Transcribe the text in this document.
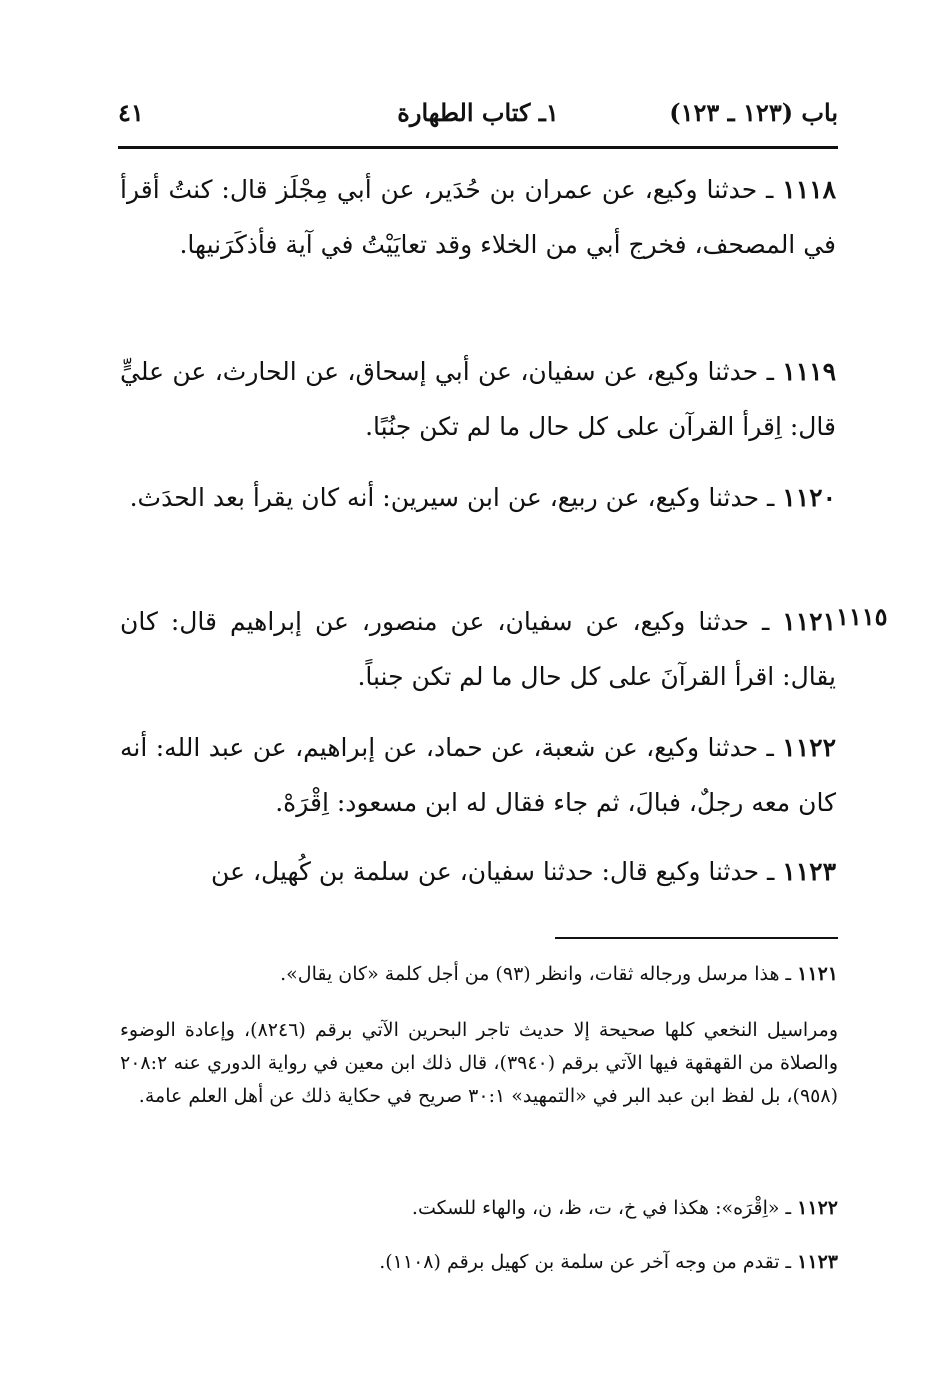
باب (١٢٣ ـ ١٢٣)
١ـ كتاب الطهارة
٤١

١١١٨ ـ حدثنا وكيع، عن عمران بن حُدَير، عن أبي مِجْلَز قال: كنتُ أقرأ في المصحف، فخرج أبي من الخلاء وقد تعايَيْتُ في آية فأذكَرَنيها.

١١١٩ ـ حدثنا وكيع، عن سفيان، عن أبي إسحاق، عن الحارث، عن عليٍّ قال: اِقرأ القرآن على كل حال ما لم تكن جنُبًا.

١١٢٠ ـ حدثنا وكيع، عن ربيع، عن ابن سيرين: أنه كان يقرأ بعد الحدَث.

١١١٥

١١٢١ ـ حدثنا وكيع، عن سفيان، عن منصور، عن إبراهيم قال: كان يقال: اقرأ القرآنَ على كل حال ما لم تكن جنباً.

١١٢٢ ـ حدثنا وكيع، عن شعبة، عن حماد، عن إبراهيم، عن عبد الله: أنه كان معه رجلٌ، فبالَ، ثم جاء فقال له ابن مسعود: اِقْرَهْ.

١١٢٣ ـ حدثنا وكيع قال: حدثنا سفيان، عن سلمة بن كُهيل، عن

١١٢١ ـ هذا مرسل ورجاله ثقات، وانظر (٩٣) من أجل كلمة «كان يقال».

ومراسيل النخعي كلها صحيحة إلا حديث تاجر البحرين الآتي برقم (٨٢٤٦)، وإعادة الوضوء والصلاة من القهقهة فيها الآتي برقم (٣٩٤٠)، قال ذلك ابن معين في رواية الدوري عنه ٢٠٨:٢ (٩٥٨)، بل لفظ ابن عبد البر في «التمهيد» ٣٠:١ صريح في حكاية ذلك عن أهل العلم عامة.

١١٢٢ ـ «اِقْرَه»: هكذا في خ، ت، ظ، ن، والهاء للسكت.

١١٢٣ ـ تقدم من وجه آخر عن سلمة بن كهيل برقم (١١٠٨).
